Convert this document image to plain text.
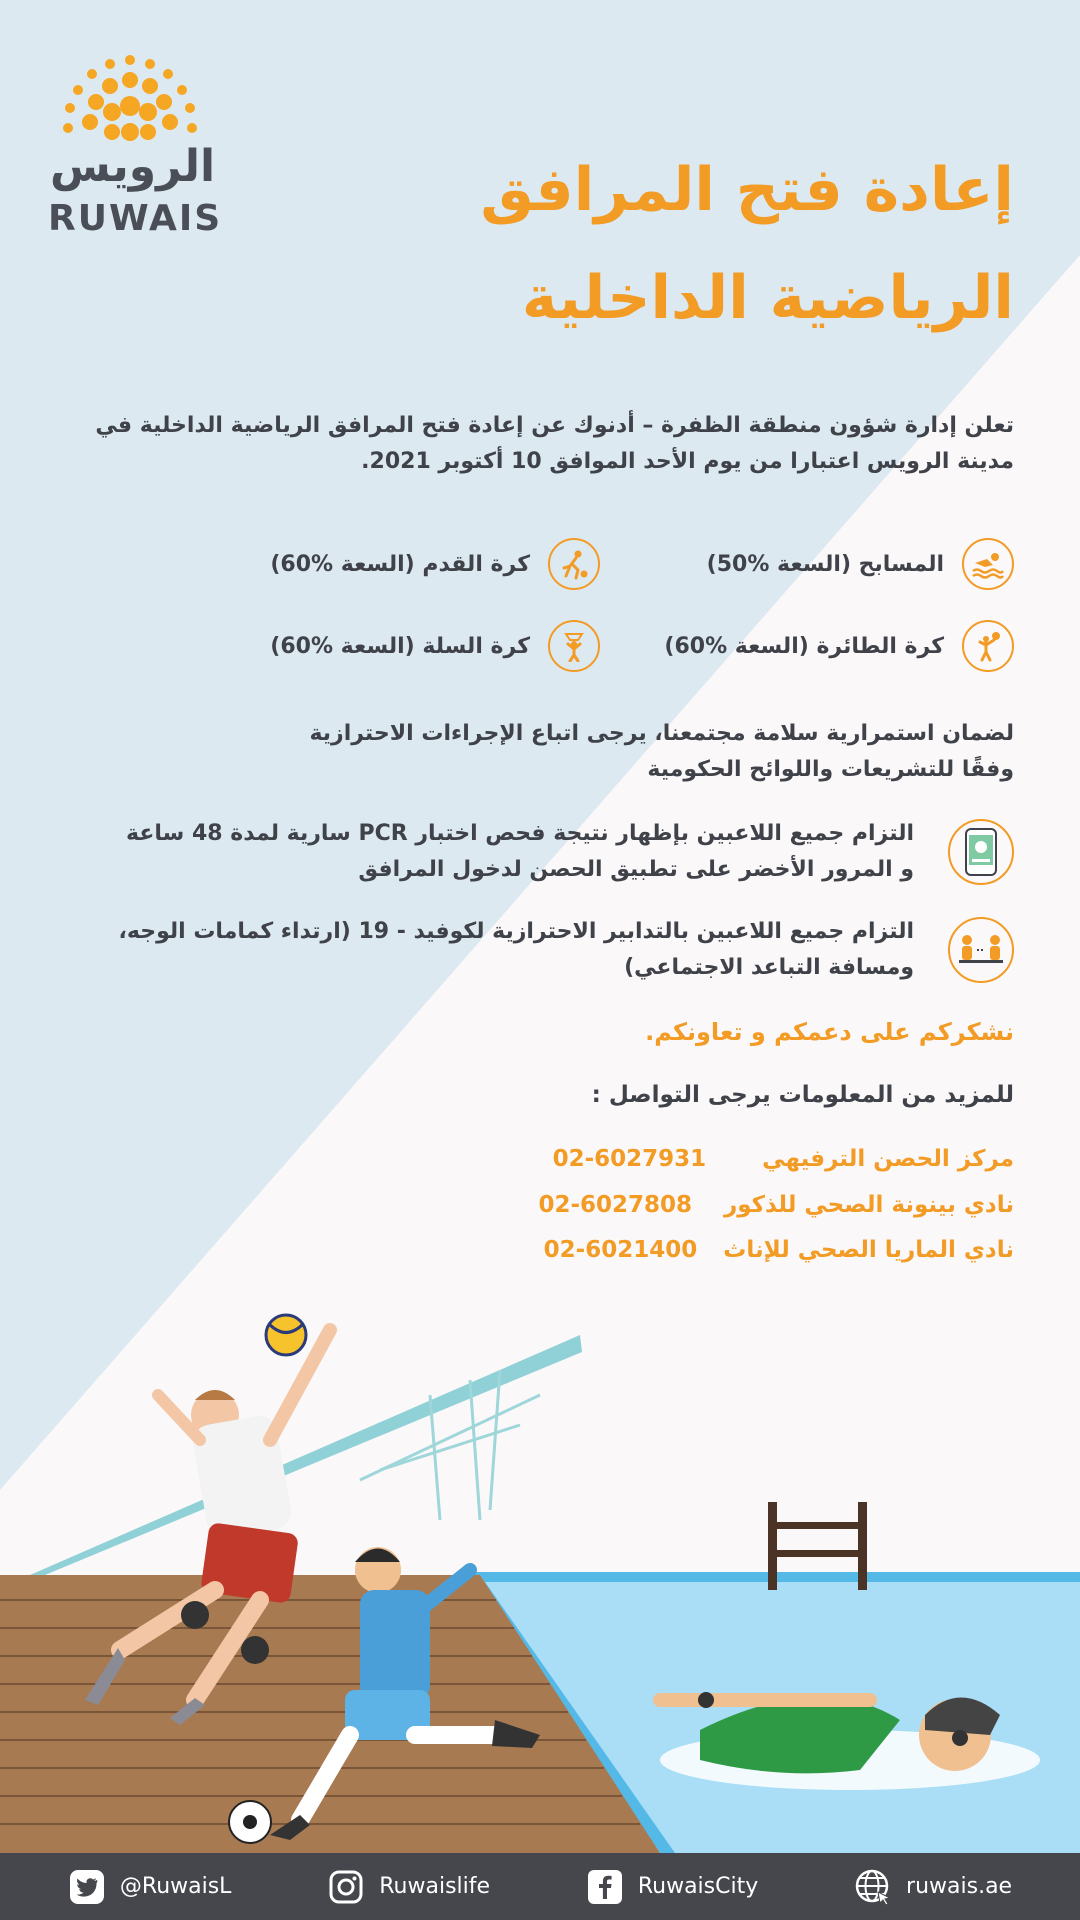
الرويس
RUWAIS	إعادة فتح المرافق
الرياضية الداخلية
تعلن إدارة شؤون منطقة الظفرة – أدنوك عن إعادة فتح المرافق الرياضية الداخلية في مدينة الرويس اعتبارا من يوم الأحد الموافق 10 أكتوبر 2021.
المسابح (السعة %50)
كرة القدم (السعة %60)
كرة الطائرة (السعة %60)
كرة السلة (السعة %60)
لضمان استمرارية سلامة مجتمعنا، يرجى اتباع الإجراءات الاحترازية وفقًا للتشريعات واللوائح الحكومية
التزام جميع اللاعبين بإظهار نتيجة فحص اختبار PCR سارية لمدة 48 ساعة و المرور الأخضر على تطبيق الحصن لدخول المرافق
التزام جميع اللاعبين بالتدابير الاحترازية لكوفيد - 19 (ارتداء كمامات الوجه، ومسافة التباعد الاجتماعي)
نشكركم على دعمكم و تعاونكم.
للمزيد من المعلومات يرجى التواصل :
مركز الحصن الترفيهي
02-6027931
نادي بينونة الصحي للذكور
02-6027808
نادي الماريا الصحي للإناث
02-6021400
@RuwaisL	Ruwaislife	RuwaisCity	ruwais.ae
